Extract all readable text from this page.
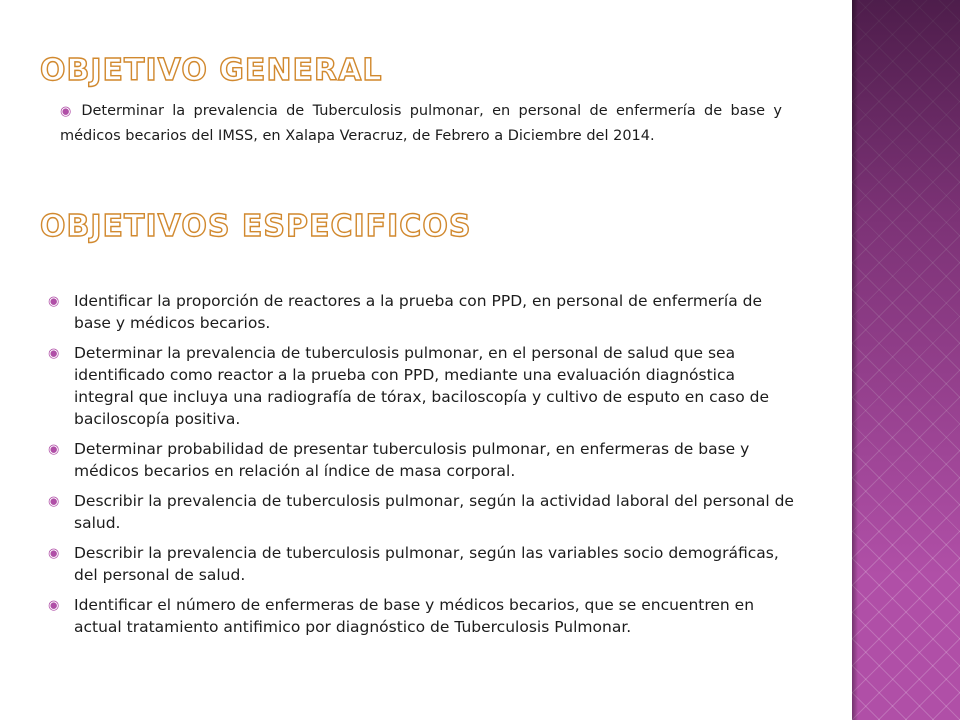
OBJETIVO GENERAL

◉ Determinar la prevalencia de Tuberculosis pulmonar, en personal de enfermería de base y médicos becarios del IMSS, en Xalapa Veracruz, de Febrero a Diciembre del 2014.

OBJETIVOS ESPECIFICOS
◉ Identificar la proporción de reactores a la prueba con PPD, en personal de enfermería de base y médicos becarios.
◉ Determinar la prevalencia de tuberculosis pulmonar, en el personal de salud que sea identificado como reactor a la prueba con PPD, mediante una evaluación diagnóstica integral que incluya una radiografía de tórax, baciloscopía y cultivo de esputo en caso de baciloscopía positiva.
◉ Determinar probabilidad de presentar tuberculosis pulmonar, en enfermeras de base y médicos becarios en relación al índice de masa corporal.
◉ Describir la prevalencia de tuberculosis pulmonar, según la actividad laboral del personal de salud.
◉ Describir la prevalencia de tuberculosis pulmonar, según las variables socio demográficas, del personal de salud.
◉ Identificar el número de enfermeras de base y médicos becarios, que se encuentren en actual tratamiento antifimico por diagnóstico de Tuberculosis Pulmonar.
